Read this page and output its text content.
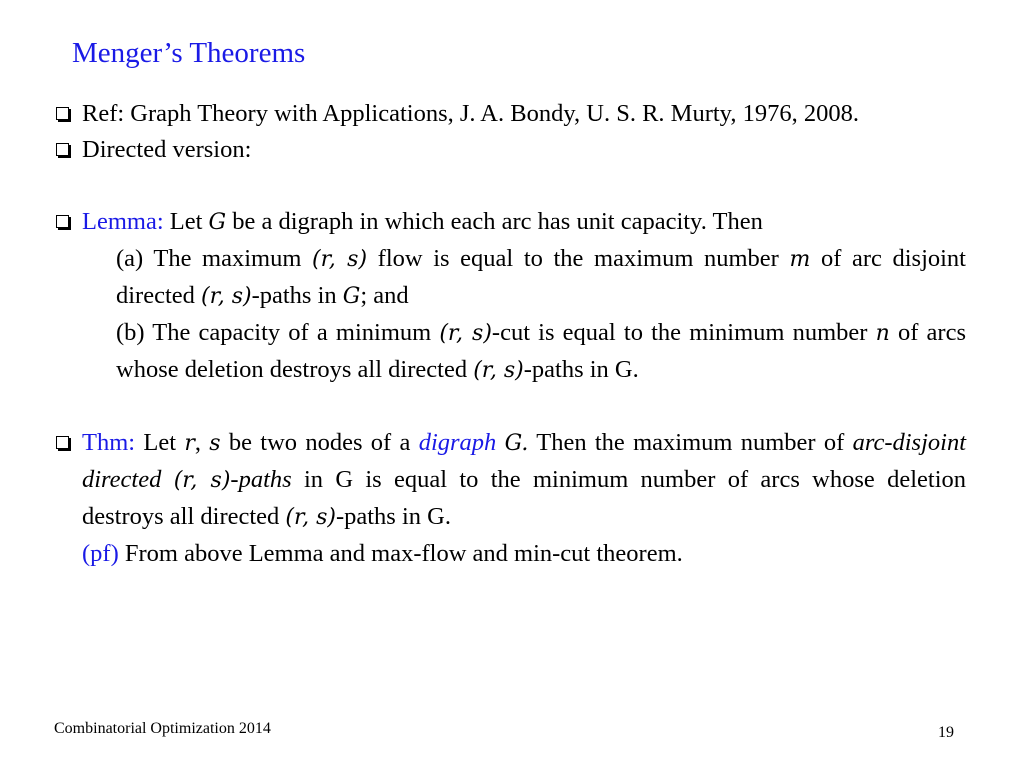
Menger’s Theorems
Ref: Graph Theory with Applications, J. A. Bondy, U. S. R. Murty, 1976, 2008.
Directed version:
Lemma: Let G be a digraph in which each arc has unit capacity. Then
(a) The maximum (r, s) flow is equal to the maximum number m of arc disjoint directed (r, s)-paths in G; and
(b) The capacity of a minimum (r, s)-cut is equal to the minimum number n of arcs whose deletion destroys all directed (r, s)-paths in G.
Thm: Let r, s be two nodes of a digraph G. Then the maximum number of arc-disjoint directed (r, s)-paths in G is equal to the minimum number of arcs whose deletion destroys all directed (r, s)-paths in G.
(pf) From above Lemma and max-flow and min-cut theorem.
Combinatorial Optimization 2014	19
